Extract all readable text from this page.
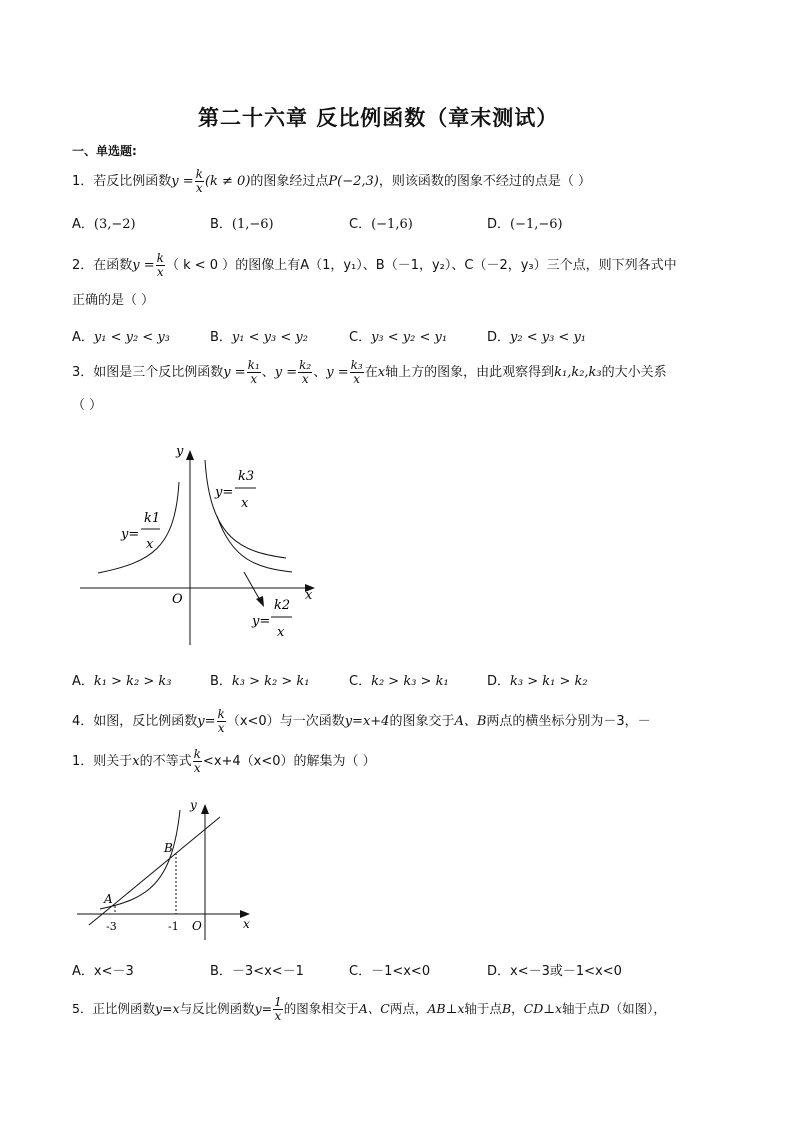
第二十六章 反比例函数（章末测试）
一、单选题:
1．若反比例函数$y = \frac{k}{x} (k \ne 0)$的图象经过点P(−2,3)，则该函数的图象不经过的点是（ ）
A．(3,−2)	B．(1,−6)	C．(−1,6)	D．(−1,−6)
2．在函数$y = \frac{k}{x}$ （ k < 0 ）的图像上有A（1，y₁）、B（－1，y₂）、C（－2，y₃）三个点，则下列各式中
正确的是（ ）
A．y₁ < y₂ < y₃	B．y₁ < y₃ < y₂	C．y₃ < y₂ < y₁	D．y₂ < y₃ < y₁
3．如图是三个反比例函数$y = \frac{\text{k₁}}{x}$ 、$y = \frac{\text{k₂}}{x}$ 、$y = \frac{\text{k₃}}{x}$ 在x轴上方的图象，由此观察得到k₁,k₂,k₃的大小关系
（ ）
y
x
O
y=
k1
x
y=
k3
x
y=
k2
x
A．k₁ > k₂ > k₃	B．k₃ > k₂ > k₁	C．k₂ > k₃ > k₁	D．k₃ > k₁ > k₂
4．如图，反比例函数$y= \frac{k}{x} (x<0)$与一次函数y=x+4的图象交于A、B两点的横坐标分别为－3，－
1．则关于x的不等式 $\frac{k}{x} <x+4(x<0)$的解集为（ ）
y
x
O
A
B
-3	-1
A．x<－3	B．－3<x<－1	C．－1<x<0	D．x<－3或－1<x<0
5．正比例函数y=x与反比例函数$y= \frac{1}{x}$ 的图象相交于A、C两点，AB⊥x轴于点B，CD⊥x轴于点D（如图），
